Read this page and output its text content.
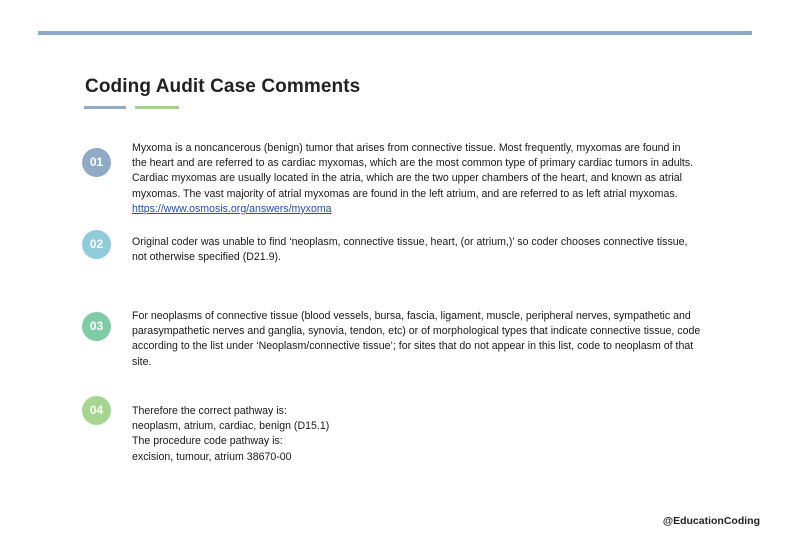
Coding Audit Case Comments
01
Myxoma is a noncancerous (benign) tumor that arises from connective tissue. Most frequently, myxomas are found in
the heart and are referred to as cardiac myxomas, which are the most common type of primary cardiac tumors in adults.
Cardiac myxomas are usually located in the atria, which are the two upper chambers of the heart, and known as atrial
myxomas. The vast majority of atrial myxomas are found in the left atrium, and are referred to as left atrial myxomas.
https://www.osmosis.org/answers/myxoma
02	Original coder was unable to find ‘neoplasm, connective tissue, heart, (or atrium,)’ so coder chooses connective tissue,
not otherwise specified (D21.9).
03
For neoplasms of connective tissue (blood vessels, bursa, fascia, ligament, muscle, peripheral nerves, sympathetic and
parasympathetic nerves and ganglia, synovia, tendon, etc) or of morphological types that indicate connective tissue, code
according to the list under ‘Neoplasm/connective tissue’; for sites that do not appear in this list, code to neoplasm of that
site.
04	Therefore the correct pathway is:
neoplasm, atrium, cardiac, benign (D15.1)
The procedure code pathway is:
excision, tumour, atrium 38670-00
@EducationCoding
